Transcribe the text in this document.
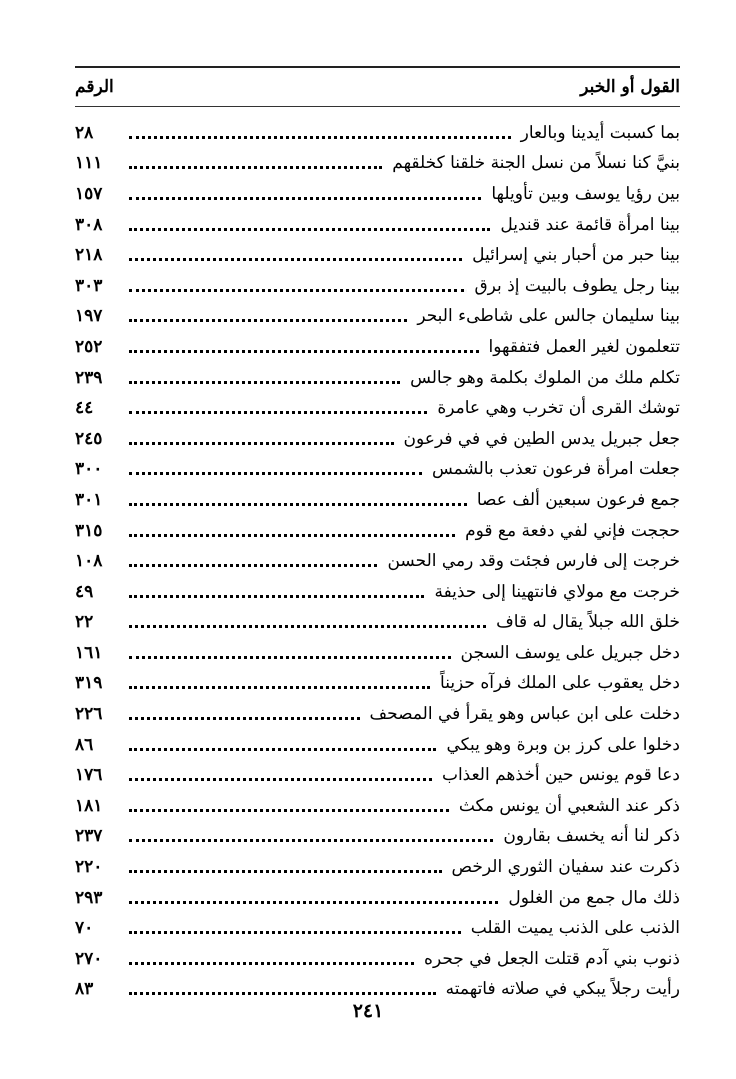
القول أو الخبر
الرقم
بما كسبت أيدينا وبالعار
٢٨
بنيَّ كنا نسلاً من نسل الجنة خلقنا كخلقهم
١١١
بين رؤيا يوسف وبين تأويلها
١٥٧
بينا امرأة قائمة عند قنديل
٣٠٨
بينا حبر من أحبار بني إسرائيل
٢١٨
بينا رجل يطوف بالبيت إذ برق
٣٠٣
بينا سليمان جالس على شاطىء البحر
١٩٧
تتعلمون لغير العمل فتفقهوا
٢٥٢
تكلم ملك من الملوك بكلمة وهو جالس
٢٣٩
توشك القرى أن تخرب وهي عامرة
٤٤
جعل جبريل يدس الطين في في فرعون
٢٤٥
جعلت امرأة فرعون تعذب بالشمس
٣٠٠
جمع فرعون سبعين ألف عصا
٣٠١
حججت فإني لفي دفعة مع قوم
٣١٥
خرجت إلى فارس فجئت وقد رمي الحسن
١٠٨
خرجت مع مولاي فانتهينا إلى حذيفة
٤٩
خلق الله جبلاً يقال له قاف
٢٢
دخل جبريل على يوسف السجن
١٦١
دخل يعقوب على الملك فرآه حزيناً
٣١٩
دخلت على ابن عباس وهو يقرأ في المصحف
٢٢٦
دخلوا على كرز بن وبرة وهو يبكي
٨٦
دعا قوم يونس حين أخذهم العذاب
١٧٦
ذكر عند الشعبي أن يونس مكث
١٨١
ذكر لنا أنه يخسف بقارون
٢٣٧
ذكرت عند سفيان الثوري الرخص
٢٢٠
ذلك مال جمع من الغلول
٢٩٣
الذنب على الذنب يميت القلب
٧٠
ذنوب بني آدم قتلت الجعل في جحره
٢٧٠
رأيت رجلاً يبكي في صلاته فاتهمته
٨٣
٢٤١
